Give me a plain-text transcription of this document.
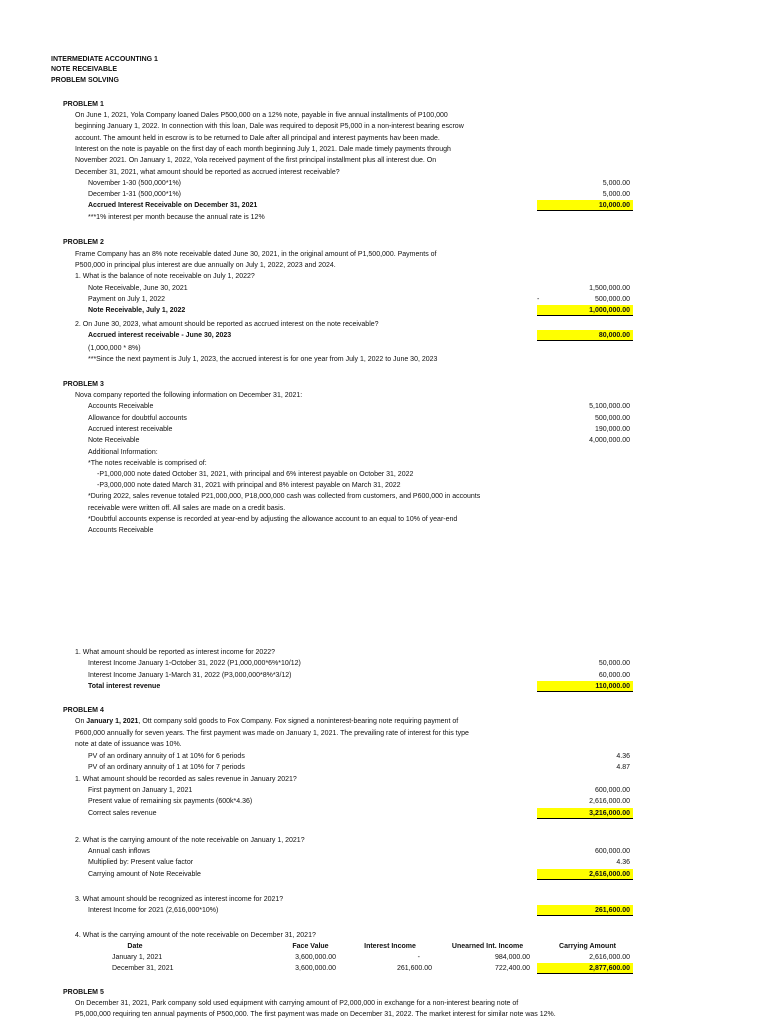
INTERMEDIATE ACCOUNTING 1
NOTE RECEIVABLE
PROBLEM SOLVING
PROBLEM 1
On June 1, 2021, Yola Company loaned Dales P500,000 on a 12% note, payable in five annual installments of P100,000
beginning January 1, 2022. In connection with this loan, Dale was required to deposit P5,000 in a non-interest bearing escrow
account. The amount held in escrow is to be returned to Dale after all principal and interest payments hav been made.
Interest on the note is payable on the first day of each month beginning July 1, 2021. Dale made timely payments through
November 2021. On January 1, 2022, Yola received payment of the first principal installment plus all interest due. On
December 31, 2021, what amount should be reported as accrued interest receivable?
November 1-30 (500,000*1%)	5,000.00
December 1-31 (500,000*1%)	5,000.00
Accrued Interest Receivable on December 31, 2021	10,000.00
***1% interest per month because the annual rate is 12%
PROBLEM 2
Frame Company has an 8% note receivable dated June 30, 2021, in the original amount of P1,500,000. Payments of
P500,000 in principal plus interest are due annually on July 1, 2022, 2023 and 2024.
1. What is the balance of note receivable on July 1, 2022?
Note Receivable, June 30, 2021	1,500,000.00
Payment on July 1, 2022	-	500,000.00
Note Receivable, July 1, 2022	1,000,000.00
2. On June 30, 2023, what amount should be reported as accrued interest on the note receivable?
Accrued interest receivable - June 30, 2023	80,000.00
(1,000,000 * 8%)
***Since the next payment is July 1, 2023, the accrued interest is for one year from July 1, 2022 to June 30, 2023
PROBLEM 3
Nova company reported the following information on December 31, 2021:
Accounts Receivable	5,100,000.00
Allowance for doubtful accounts	500,000.00
Accrued interest receivable	190,000.00
Note Receivable	4,000,000.00
Additional Information:
*The notes receivable is comprised of:
-P1,000,000 note dated October 31, 2021, with principal and 6% interest payable on October 31, 2022
-P3,000,000 note dated March 31, 2021 with principal and 8% interest payable on March 31, 2022
*During 2022, sales revenue totaled P21,000,000, P18,000,000 cash was collected from customers, and P600,000 in accounts
receivable were written off. All sales are made on a credit basis.
*Doubtful accounts expense is recorded at year-end by adjusting the allowance account to an equal to 10% of year-end
Accounts Receivable
1. What amount should be reported as interest income for 2022?
Interest Income January 1-October 31, 2022 (P1,000,000*6%*10/12)	50,000.00
Interest Income January 1-March 31, 2022 (P3,000,000*8%*3/12)	60,000.00
Total interest revenue	110,000.00
PROBLEM 4
On January 1, 2021, Ott company sold goods to Fox Company. Fox signed a noninterest-bearing note requiring payment of
P600,000 annually for seven years. The first payment was made on January 1, 2021. The prevailing rate of interest for this type
note at date of issuance was 10%.
PV of an ordinary annuity of 1 at 10% for 6 periods	4.36
PV of an ordinary annuity of 1 at 10% for 7 periods	4.87
1. What amount should be recorded as sales revenue in January 2021?
First payment on January 1, 2021	600,000.00
Present value of remaining six payments (600k*4.36)	2,616,000.00
Correct sales revenue	3,216,000.00
2. What is the carrying amount of the note receivable on January 1, 2021?
Annual cash inflows	600,000.00
Multiplied by: Present value factor	4.36
Carrying amount of Note Receivable	2,616,000.00
3. What amount should be recognized as interest income for 2021?
Interest Income for 2021 (2,616,000*10%)	261,600.00
4. What is the carrying amount of the note receivable on December 31, 2021?
Date	Face Value	Interest Income	Unearned Int. Income	Carrying Amount
January 1, 2021	3,600,000.00	-	984,000.00	2,616,000.00
December 31, 2021	3,600,000.00	261,600.00	722,400.00	2,877,600.00
PROBLEM 5
On December 31, 2021, Park company sold used equipment with carrying amount of P2,000,000 in exchange for a non-interest bearing note of
P5,000,000 requiring ten annual payments of P500,000. The first payment was made on December 31, 2022. The market interest for similar note was 12%.
